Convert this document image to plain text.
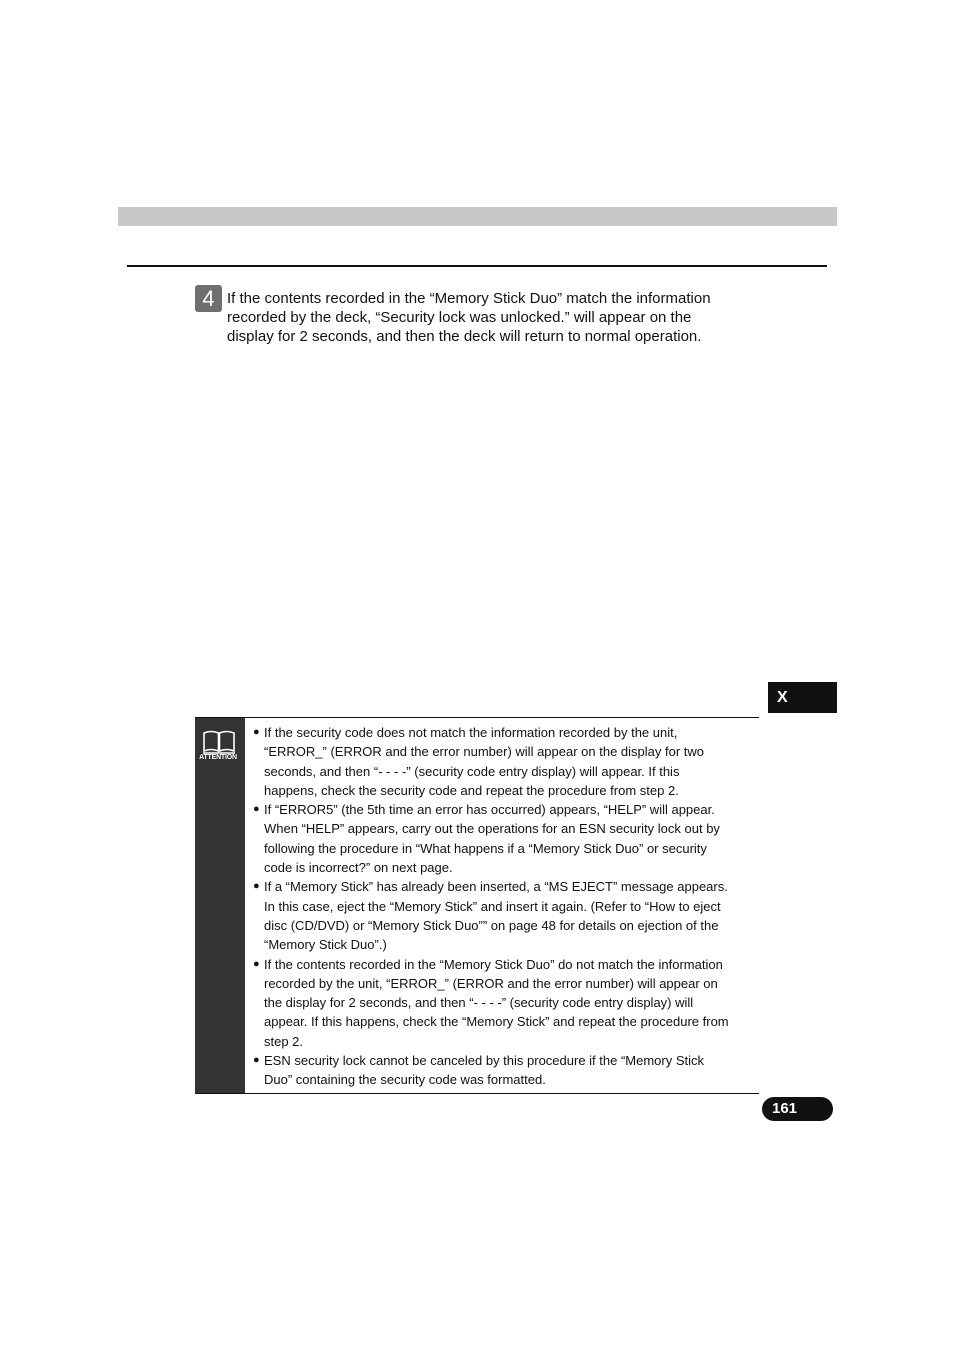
4 If the contents recorded in the “Memory Stick Duo” match the information
recorded by the deck, “Security lock was unlocked.” will appear on the
display for 2 seconds, and then the deck will return to normal operation.
X
ATTENTION
● If the security code does not match the information recorded by the unit,
“ERROR_” (ERROR and the error number) will appear on the display for two
seconds, and then “- - - -” (security code entry display) will appear. If this
happens, check the security code and repeat the procedure from step 2.
● If “ERROR5” (the 5th time an error has occurred) appears, “HELP” will appear.
When “HELP” appears, carry out the operations for an ESN security lock out by
following the procedure in “What happens if a “Memory Stick Duo” or security
code is incorrect?” on next page.
● If a “Memory Stick” has already been inserted, a “MS EJECT” message appears.
In this case, eject the “Memory Stick” and insert it again. (Refer to “How to eject
disc (CD/DVD) or “Memory Stick Duo”” on page 48 for details on ejection of the
“Memory Stick Duo”.)
● If the contents recorded in the “Memory Stick Duo” do not match the information
recorded by the unit, “ERROR_” (ERROR and the error number) will appear on
the display for 2 seconds, and then “- - - -” (security code entry display) will
appear. If this happens, check the “Memory Stick” and repeat the procedure from
step 2.
● ESN security lock cannot be canceled by this procedure if the “Memory Stick
Duo” containing the security code was formatted.
161
